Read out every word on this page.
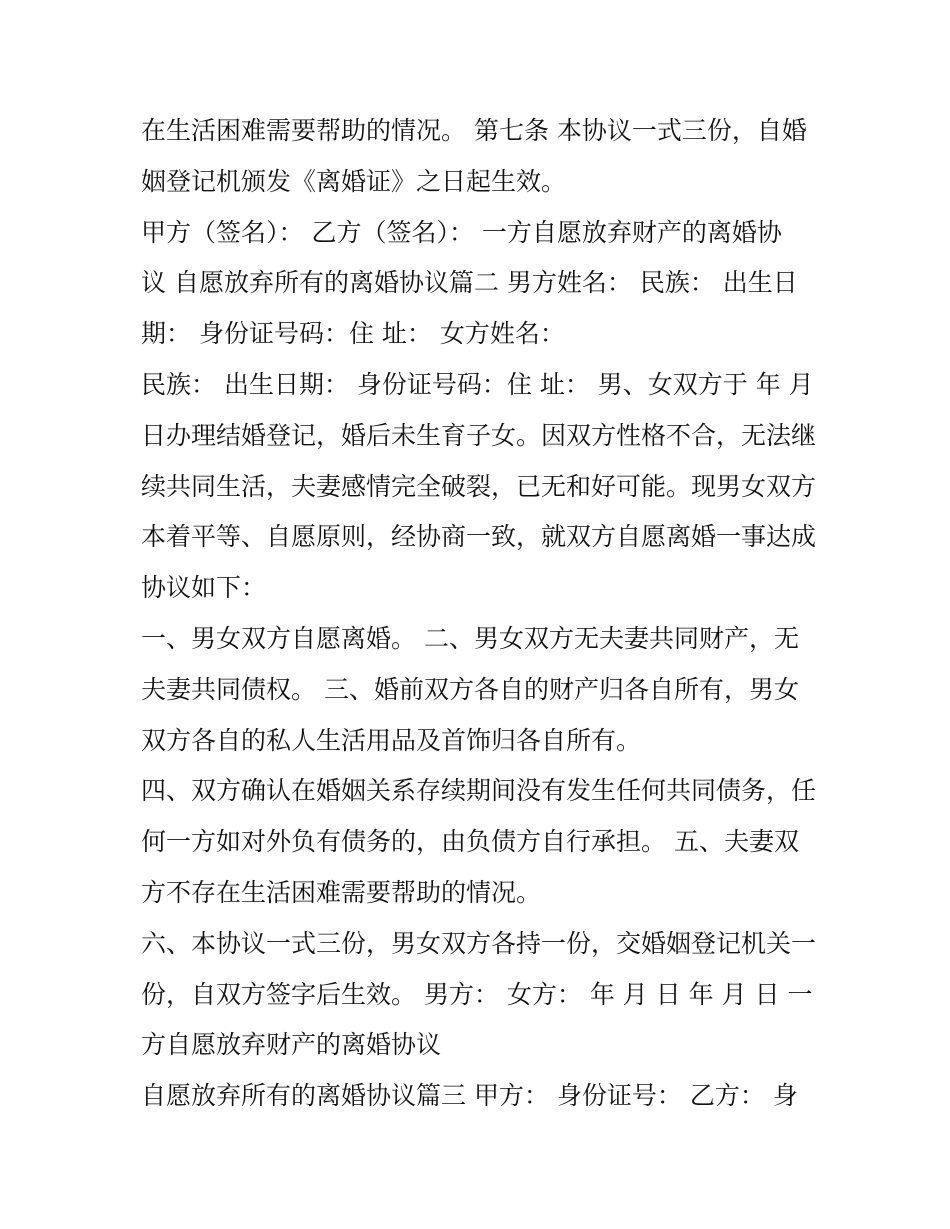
在生活困难需要帮助的情况。 第七条 本协议一式三份，自婚

姻登记机颁发《离婚证》之日起生效。

甲方（签名）： 乙方（签名）： 一方自愿放弃财产的离婚协

议 自愿放弃所有的离婚协议篇二 男方姓名： 民族： 出生日

期： 身份证号码：住 址： 女方姓名：

民族： 出生日期： 身份证号码：住 址： 男、女双方于 年 月

日办理结婚登记，婚后未生育子女。因双方性格不合，无法继

续共同生活，夫妻感情完全破裂，已无和好可能。现男女双方

本着平等、自愿原则，经协商一致，就双方自愿离婚一事达成

协议如下：

一、男女双方自愿离婚。 二、男女双方无夫妻共同财产，无

夫妻共同债权。 三、婚前双方各自的财产归各自所有，男女

双方各自的私人生活用品及首饰归各自所有。

四、双方确认在婚姻关系存续期间没有发生任何共同债务，任

何一方如对外负有债务的，由负债方自行承担。 五、夫妻双

方不存在生活困难需要帮助的情况。

六、本协议一式三份，男女双方各持一份，交婚姻登记机关一

份，自双方签字后生效。 男方： 女方： 年 月 日 年 月 日 一

方自愿放弃财产的离婚协议

自愿放弃所有的离婚协议篇三 甲方： 身份证号： 乙方： 身
